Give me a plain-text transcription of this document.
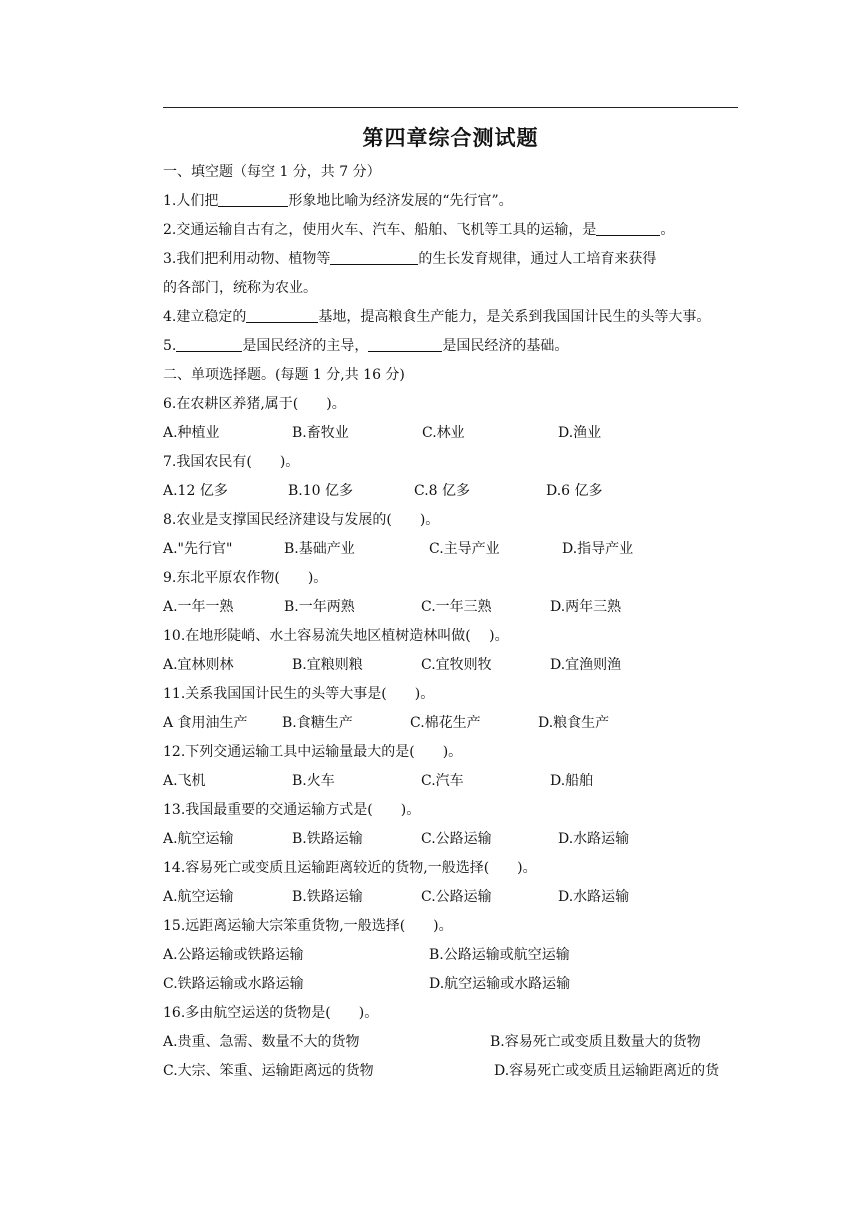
第四章综合测试题
一、填空题（每空 1 分，共 7 分）
1.人们把	形象地比喻为经济发展的“先行官”。
2.交通运输自古有之，使用火车、汽车、船舶、飞机等工具的运输，是	。
3.我们把利用动物、植物等	的生长发育规律，通过人工培育来获得
的各部门，统称为农业。
4.建立稳定的	基地，提高粮食生产能力，是关系到我国国计民生的头等大事。
5.	是国民经济的主导，	是国民经济的基础。
二、单项选择题。(每题 1 分,共 16 分)
6.在农耕区养猪,属于(　　)。
A.种植业	B.畜牧业	C.林业	D.渔业
7.我国农民有(　　)。
A.12 亿多	B.10 亿多	C.8 亿多	D.6 亿多
8.农业是支撑国民经济建设与发展的(　　)。
A."先行官"	B.基础产业	C.主导产业	D.指导产业
9.东北平原农作物(　　)。
A.一年一熟	B.一年两熟	C.一年三熟	D.两年三熟
10.在地形陡峭、水土容易流失地区植树造林叫做(　 )。
A.宜林则林	B.宜粮则粮	C.宜牧则牧	D.宜渔则渔
11.关系我国国计民生的头等大事是(　　)。
A 食用油生产 B.食糖生产	C.棉花生产	D.粮食生产
12.下列交通运输工具中运输量最大的是(　　)。
A.飞机	B.火车	C.汽车	D.船舶
13.我国最重要的交通运输方式是(　　)。
A.航空运输	B.铁路运输	C.公路运输	D.水路运输
14.容易死亡或变质且运输距离较近的货物,一般选择(　　)。
A.航空运输	B.铁路运输	C.公路运输	D.水路运输
15.远距离运输大宗笨重货物,一般选择(　　)。
A.公路运输或铁路运输	B.公路运输或航空运输
C.铁路运输或水路运输	D.航空运输或水路运输
16.多由航空运送的货物是(　　)。
A.贵重、急需、数量不大的货物	B.容易死亡或变质且数量大的货物
C.大宗、笨重、运输距离远的货物	D.容易死亡或变质且运输距离近的货
